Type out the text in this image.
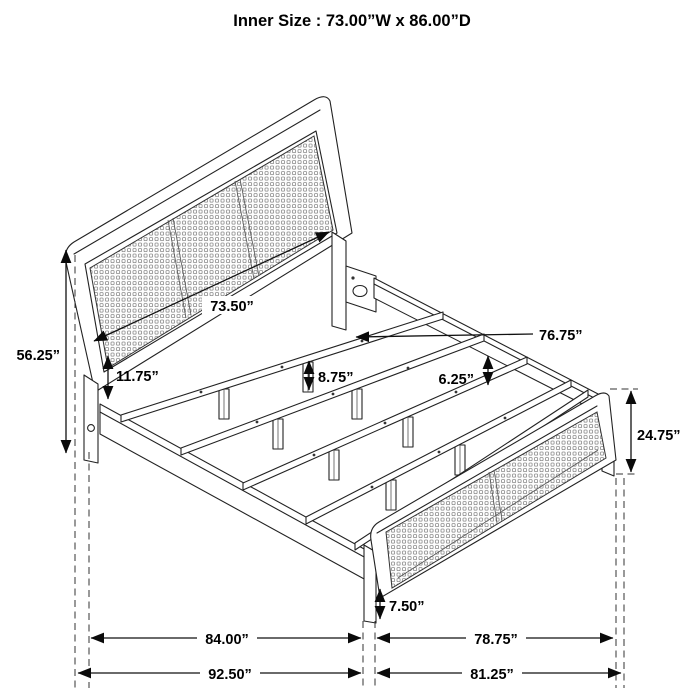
56.25”
73.50”
11.75”
76.75”
8.75”	6.25”
24.75”
7.50”
84.00”	78.75”
92.50”	81.25”
Inner Size : 73.00”W x 86.00”D
